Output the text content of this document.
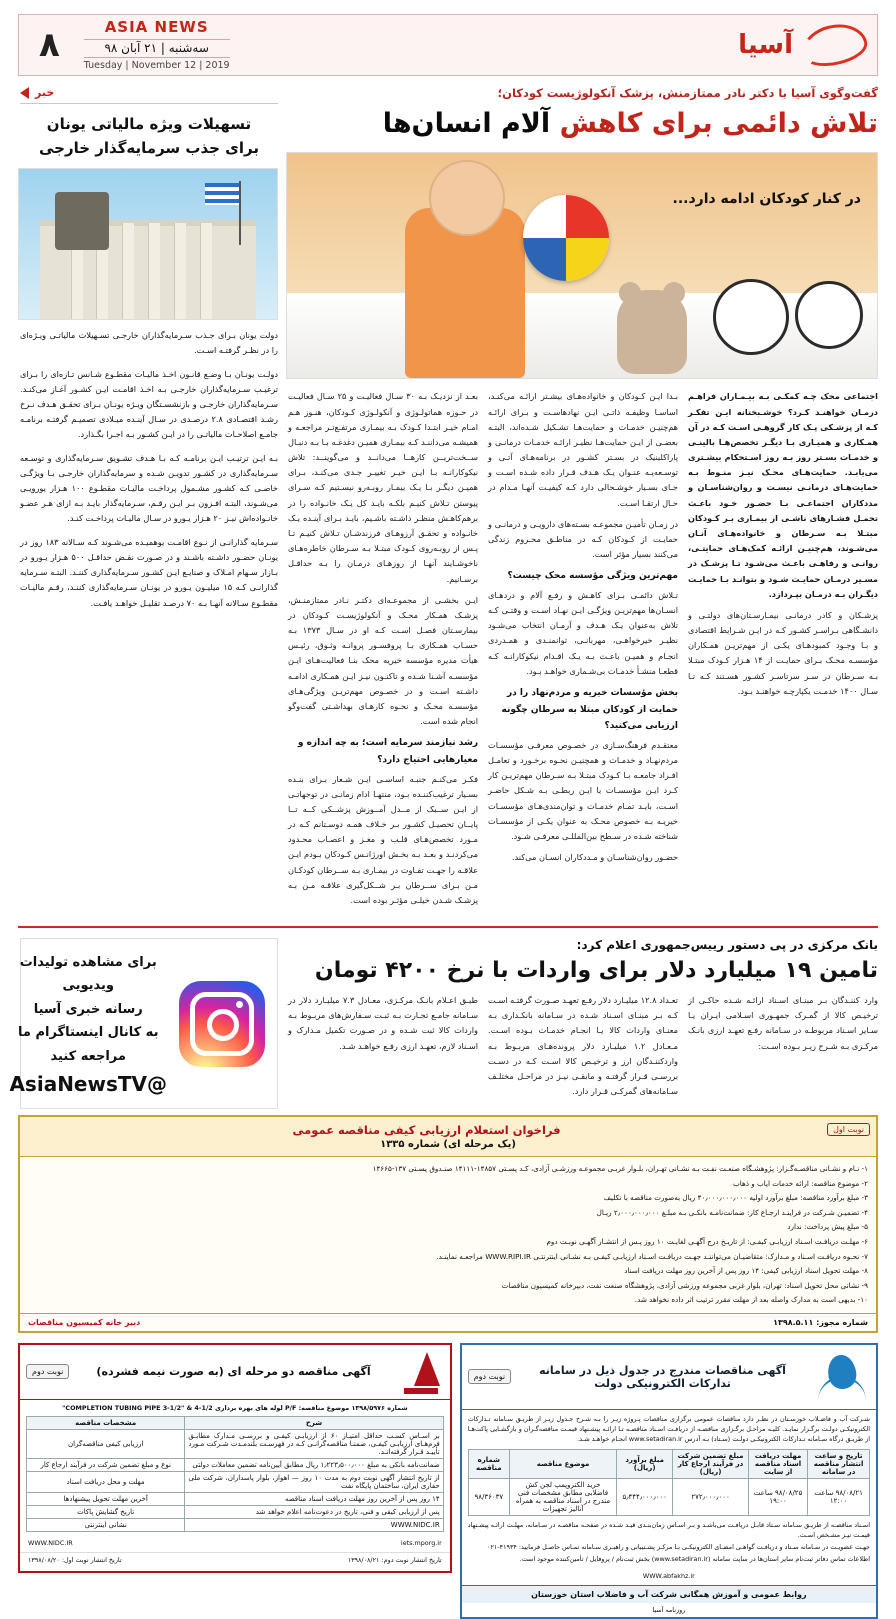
آسیا
ASIA NEWS
سه‌شنبه | ۲۱ آبان ۹۸
Tuesday | November 12 | 2019
۸
گفت‌وگوی آسیا با دکتر نادر ممتازمنش، پزشک آنکولوژیست کودکان؛
تلاش دائمی برای کاهش آلام انسان‌ها
در کنار کودکان ادامه دارد...

اجتماعی محک چـه کمکـی بـه بیـمـاران فراهـم درمـان خواهنـد کـرد؟ خوشـبختانه ایـن تفکـر کـه از پزشـکی پـک کار گروهـی اسـت کـه در آن همـکاری و همیـاری بـا دیگـر تخصص‌هـا بالینـی و خدمـات بسـتر روز بـه روز اسـتحکام بیشـتری می‌یابـد. حمایت‌هـای محـک نیـز منـوط بـه حمایت‌هـای درمانـی نیسـت و روان‌شناسـان و مددکاران اجتماعـی بـا حضـور خـود باعـث تحمـل فشـارهای ناشـی از بیمـاری بـر کـودکان مبتـلا بـه سـرطان و خانواده‌هـای آنـان می‌شـوند، هم‌چنیـن ارائـه کمک‌هـای حمایتـی، روانـی و رفاهـی باعـث می‌شـود تـا پزشـک در مسـیر درمـان حمایـت شـود و بتوانـد بـا حمایـت دیگـران بـه درمـان بپـردازد.

پزشـکان و کادر درمانـی بیمـارسـتان‌های دولتـی و دانشـگاهی بـراسـر کشـور کـه در ایـن شـرایط اقتصادی و بـا وجـود کمبودهـای یکـی از مهم‌تریـن همـکاران مؤسسـه محـک بـرای حمایـت از ۱۴ هـزار کـودک مبتـلا بـه سـرطان در سـر سرتاسـر کشـور هسـتند کـه تـا سـال ۱۴۰۰ خدمـت یکپارچـه خواهنـد بـود.

بـدا ایـن کـودکان و خانواده‌هـای بیشـتر ارائـه می‌کنـد، اساسـا وظیفـه ذاتـی ایـن نهادهاسـت و بـرای ارائـه هم‌چنیـن خدمـات و حمایت‌هـا تشـکیل شـده‌اند، البتـه بعضـی از ایـن حمایت‌هـا نظیـر ارائـه خدمـات درمانـی و پاراکلینیک در بسـتر کشـور در برنامه‌هـای آتـی و توسـعه‌یـه عنـوان یـک هـدف قـرار داده شـده اسـت و جـای بسـیار خوشـحالی دارد کـه کیفیـت آنهـا مـدام در حـال ارتقـا اسـت.

در زمـان تأمیـن مجموعـه بسـته‌های دارویـی و درمانـی و حمایـت از کـودکان کـه در مناطـق محـروم زندگی می‌کنند بسیار مؤثر است.

مهم‌ترین ویژگی مؤسسه محک چیست؟

تـلاش دائمـی بـرای کاهـش و رفـع آلام و دردهـای انسـان‌ها مهم‌تریـن ویژگـی ایـن نهـاد اسـت و وقتـی کـه تلاش به‌عنوان یـک هـدف و آرمـان انتخاب می‌شـود نظیـر خیرخواهـی، مهربانـی، توانمنـدی و همـدردی انجـام و همیـن باعـث بـه یـک اقـدام نیکوکارانـه کـه قطعـا منشـأ خدمـات بی‌شـماری خواهـد بـود.

بخش مؤسسات خیریه و مردم‌نهاد را در حمایت از کودکان مبتلا به سرطان چگونه ارزیابی می‌کنید؟

معتقـدم فرهنگ‌سـازی در خصـوص معرفـی مؤسسـات مردم‌نهـاد و خدمـات و همچنیـن نحـوه برخـورد و تعامـل افـراد جامعـه بـا کـودک مبتـلا بـه سـرطان مهم‌تریـن کار کـرد ایـن مؤسسـات با ایـن ربطـی بـه شـکل حاضـر اسـت، بایـد تمـام خدمـات و توان‌مندی‌هـای مؤسسـات خیریـه بـه خصوص محـک به عنوان یکـی از مؤسسـات شناخته شـده در سـطح بین‌المللـی معرفـی شـود.

حضـور روان‌شناسـان و مـددکاران انسـان می‌کند.

بعـد از نزدیـک بـه ۳۰ سـال فعالیـت و ۲۵ سـال فعالیـت در حـوزه هماتولـوژی و آنکولـوژی کـودکان، هنـوز هـم امـام خیـر ابتـدا کـودک بـه بیمـاری مرتفـع‌تـر مراجعـه و همیشـه می‌داننـد کـه بیمـاری همیـن دغدغـه بـا بـه دنبـال ســخت‌تریــن کارهــا می‌دانــد و می‌گوینــد: تلاش نیکوکارانـه بـا ایـن خیـر تغییـر جـدی می‌کنـد، بـرای همیـن دیگـر بـا یـک بیمـار روبـه‌رو نیسـتیم کـه سـرای پیوستن تـلاش کنیـم بلکـه بایـد کل یـک خانـواده را در برهم‌کاهـش منظـر داشـته باشـیم، بایـد بـرای آینـده یـک خانـواده و تحقـق آرزوهـای فرزندشـان تـلاش کنیـم تـا پـس از روبـه‌روی کـودک مبتـلا بـه سـرطان خاطره‌هـای ناخوشـایند آنهـا از روزهـای درمـان را بـه حداقـل برسـانیم.

ایـن بخشـی از مجموعـه‌ای دکتـر نـادر ممتازمنـش، پزشـک همـکار محـک و آنکولوژیسـت کـودکان در بیمارسـتان فصـل اسـت کـه او در سـال ۱۳۷۳ بـه حسـاب همـکاری بـا پروفسـور پروانـه وثـوق، رئیـس هیأت مدیره مؤسسه خیریه محک بنـا فعالیت‌هـای ایـن مؤسسـه آشـنا شـده و تاکنـون نیـز ایـن همـکاری ادامـه داشـته اسـت و در خصـوص مهم‌تریـن ویژگی‌هـای مؤسسـه محـک و نحـوه کارهـای بهداشـتی گفت‌وگو انجام شده است.

رشد نیازمند سرمایه است؛ به چه اندازه و معیارهایی احتیاج دارد؟

فکـر می‌کنـم جنبـه اساسـی ایـن شـعار بـرای بنـده بسـیار ترغیب‌کننـده بـود، منتهـا ادام زمانـی در توجهاتـی از ایـن ســبک از مــدل آمــوزش پزشــکی کــه تــا پایــان تحصیـل کشـور بـر خـلاف همـه دوسـتانم کـه در مـورد تخصص‌هـای قلـب و مغـز و اعصـاب محـدود می‌کردنـد و بعـد بـه بخـش اورژانـس کـودکان بـودم ایـن علاقـه را جهـت تفـاوت در بیمـاری بـه ســرطان کودکـان مـن بـرای ســرطان بـر شــکل‌گیری علاقـه مـن بـه پزشـک شـدن خیلـی مؤثـر بوده است.

خبر
تسهیلات ویژه مالیاتی یونان
برای جذب سرمایه‌گذار خارجی

دولت یونان بـرای جـذب سـرمایه‌گذاران خارجـی تسـهیلات مالیاتـی ویـژه‌ای را در نظـر گرفتـه اسـت.

دولـت یونـان بـا وضـع قانـون اخـذ مالیـات مقطـوع شـانس تـازه‌ای را بـرای ترغیـب سـرمایه‌گذاران خارجـی بـه اخـذ اقامـت ایـن کشـور آغـاز می‌کنـد. سـرمایه‌گذاران خارجـی و بازنشسـتگان ویـژه یونـان بـرای تحقـق هـدف نـرخ رشـد اقتصـادی ۲.۸ درصـدی در سـال آینـده میـلادی تصمیـم گرفتـه برنامـه جامـع اصلاحـات مالیاتـی را در ایـن کشـور بـه اجـرا بگـذارد.

بـه ایـن ترتیـب ایـن برنامـه کـه بـا هـدف تشـویق سـرمایه‌گذاری و توسـعه سـرمایه‌گذاری در کشـور تدویـن شـده و سرمایه‌گذاران خارجـی بـا ویژگـی خاصـی کـه کشـور مشـمول پرداخـت مالیـات مقطـوع ۱۰۰ هـزار یورویـی می‌شـوند، البتـه افـزون بـر ایـن رقـم، سـرمایه‌گذار بایـد بـه ازای هـر عضـو خانـواده‌اش نیـز ۲۰ هـزار یـورو در سـال مالیـات پرداخـت کنـد.

سـرمایه گذارانـی از نـوع اقامـت یوهمیـده می‌شـوند کـه سـالانه ۱۸۳ روز در یونـان حضـور داشـته باشـند و در صـورت نقـض حداقـل ۵۰۰ هـزار یـورو در بـازار سـهام امـلاک و صنایـع ایـن کشـور سـرمایه‌گذاری کننـد. البتـه سـرمایه گذارانـی کـه ۱۵ میلیـون یـورو در یونـان سـرمایه‌گذاری کننـد، رقـم مالیـات مقطـوع سـالانه آنهـا بـه ۷۰ درصـد تقلیـل خواهـد یافـت.

بانک مرکزی در پی دستور رییس‌جمهوری اعلام کرد:
تامین ۱۹ میلیارد دلار برای واردات با نرخ ۴۲۰۰ تومان

وارد کننـدگان بـر مبنـای اسـناد ارائـه شـده حاکـی از ترخیـص کالا از گمـرک جمهـوری اسـلامی ایـران یـا سـایر اسـناد مربوطـه در سـامانه رفـع تعهـد ارزی بانـک مرکـزی بـه شـرح زیـر بـوده اسـت:

تعـداد ۱۲.۸ میلیـارد دلار رفـع تعهـد صـورت گرفتـه اسـت کـه بـر مبنـای اسـناد شـده در سـامانه بانکـداری بـه معنـای واردات کالا یـا انجـام خدمـات بـوده اسـت. مـعـادل ۱.۲ میلیـارد دلار پرونده‌هـای مربـوط بـه واردکننـدگان ارز و ترخیـص کالا اسـت کـه در دسـت بررسـی قـرار گرفتـه و مابقـی نیـز در مراحـل مختلـف سـامانه‌های گمرکـی قـرار دارد.

طبـق اعـلام بانـک مرکـزی، معـادل ۷.۳ میلیـارد دلار در سـامانه جامـع تجـارت بـه ثبـت سـفارش‌های مربـوط بـه واردات کالا ثبت شـده و در صـورت تکمیل مـدارک و اسـناد لازم، تعهـد ارزی رفـع خواهـد شـد.

برای مشاهده تولیدات ویدیویی
رسانه خبری آسیا
به کانال اینستاگرام ما مراجعه کنید
@AsiaNewsTV
نوبت اول
فراخوان استعلام ارزیابی کیفی مناقصه عمومی
(یک مرحله ای) شماره ۱۳۳۵

۱- نـام و نشـانی مناقصـه‌گـزار: پژوهشـگاه صنعـت نفـت بـه نشـانی تهـران، بلـوار غربـی مجموعـه ورزشـی آزادی، کـد پسـتی ۱۴۸۵۷-۱۴۱۱۱ صنـدوق پسـتی ۱۳۷-۱۴۶۶۵

۲- موضوع مناقصه: ارائه خدمات ایاب و ذهاب

۳- مبلغ برآورد مناقصه: مبلغ برآورد اولیه ۴۰٫۰۰۰٫۰۰۰٫۰۰۰ ریال به‌صورت مناقصه با تکلیف

۴- تضمیـن شـرکت در فراینـد ارجـاع کار: ضمانت‌نامـه بانکـی بـه مبلـغ ۲٫۰۰۰٫۰۰۰٫۰۰۰ ریـال

۵- مبلغ پیش پرداخت: ندارد

۶- مهلـت دریافـت اسـناد ارزیابـی کیفـی: از تاریـخ درج آگهـی لغایـت ۱۰ روز پـس از انتشـار آگهـی نوبـت دوم

۷- نحـوه دریافـت اسـناد و مـدارک: متقاضیـان می‌تواننـد جهـت دریافـت اسـناد ارزیابـی کیفـی بـه نشـانی اینترنتـی WWW.RIPI.IR مراجعـه نماینـد.

۸- مهلت تحویل اسناد ارزیابی کیفی: ۱۴ روز پس از آخرین روز مهلت دریافت اسناد

۹- نشانی محل تحویل اسناد: تهران، بلوار غربی مجموعه ورزشی آزادی، پژوهشگاه صنعت نفت، دبیرخانه کمیسیون مناقصات

۱۰- بدیهی است به مدارک واصله بعد از مهلت مقرر ترتیب اثر داده نخواهد شد.

شماره مجوز: ۱۳۹۸.۵.۱۱
دبیر خانه کمیسیون مناقصات
آگهی مناقصات مندرج در جدول ذیل در سامانه تدارکات الکترونیکی دولت
نوبت دوم
شـرکت آب و فاضـلاب خوزسـتان در نظـر دارد مناقصات عمومی برگزاری مناقصات پـروژه زیـر را بـه شـرح جـدول زیـر از طریـق سـامانه تـدارکات الکترونیکـی دولـت برگـزار نمایـد. کلیـه مراحـل برگـزاری مناقصـه از دریافـت اسـناد مناقصـه تـا ارائـه پیشـنهاد قیمـت مناقصه‌گـران و بازگشـایی پاکت‌هـا از طریـق درگاه سـامانه تـدارکات الکترونیکـی دولـت (سـتاد) بـه آدرس www.setadiran.ir انجـام خواهـد شـد.
تاریخ و ساعت انتشار مناقصه در سامانه	مهلت دریافت اسناد مناقصه از سایت	مبلغ تضمین شرکت در فرآیند ارجاع کار (ریال)	مبلغ برآورد (ریال)	موضوع مناقصه	شماره مناقصه
۹۸/۰۸/۲۱ ساعت ۱۲:۰۰	۹۸/۰۸/۲۵ ساعت ۱۹:۰۰	۲۷۲٫۰۰۰٫۰۰۰	۵٫۴۴۴٫۰۰۰٫۰۰۰	خرید الکتروپمپ لجن کش فاضلابی مطابق مشخصات فنی مندرج در اسناد مناقصه به همراه آنالیز تجهیزات	۹۸/۳۶۰۳۷

اسـناد مناقصـه از طریـق سـامانه سـتاد قابـل دریافـت می‌باشـد و بـر اسـاس زمان‌بنـدی قیـد شـده در صفحـه مناقصـه در سـامانه، مهلـت ارائـه پیشـنهاد قیمـت نیـز مشـخص اسـت.

جهـت عضویـت در سـامانه سـتاد و دریافـت گواهـی امضـای الکترونیکـی بـا مرکـز پشـتیبانی و راهبـری سـامانه تمـاس حاصـل فرمایید: ۴۱۹۳۴-۰۲۱

اطلاعات تماس دفاتر ثبت‌نام سایر استان‌ها در سایت سامانه (www.setadiran.ir) بخش ثبت‌نام / پروفایل / تأمین‌کننده موجود است.

WWW.abfakhz.ir
روابط عمومی و آموزش همگانی شرکت آب و فاضلاب استان خوزستان
روزنامه آسیا
آگهی مناقصه دو مرحله ای (به صورت نیمه فشرده)
نوبت دوم
شماره ۱۳۹۸/۵۹۷۶ موضوع مناقصه: P/F لوله های بهره برداری COMPLETION TUBING PIPE 3-1/2" & 4-1/2"
شرح	مشخصات مناقصه
بر اسـاس کسـب حداقل امتیـاز ۶۰ از ارزیابـی کیفـی و بررسـی مـدارک مطابـق فرم‌هـای ارزیابـی کیفـی، ضمنـا مناقصه‌گرانـی کـه در فهرسـت بلندمـدت شـرکت مـورد تأییـد قـرار گرفته‌انـد.	ارزیابی کیفی مناقصه‌گران
ضمانت‌نامه بانکی به مبلغ ۱٫۲۲۳٫۵۰۰٫۰۰۰ ریال مطابق آیین‌نامه تضمین معاملات دولتی	نوع و مبلغ تضمین شرکت در فرآیند ارجاع کار
از تاریخ انتشار آگهی نوبت دوم به مدت ۱۰ روز — اهواز، بلوار پاسداران، شرکت ملی حفاری ایران، ساختمان پایگاه نفت	مهلت و محل دریافت اسناد
۱۴ روز پس از آخرین روز مهلت دریافت اسناد مناقصه	آخرین مهلت تحویل پیشنهادها
پس از ارزیابی کیفی و فنی، تاریخ در دعوت‌نامه اعلام خواهد شد	تاریخ گشایش پاکات
WWW.NIDC.IR	نشانی اینترنتی
iets.mporg.ir
WWW.NIDC.IR
تاریخ انتشار نوبت دوم: ۱۳۹۸/۰۸/۲۱
تاریخ انتشار نوبت اول: ۱۳۹۸/۰۸/۲۰
